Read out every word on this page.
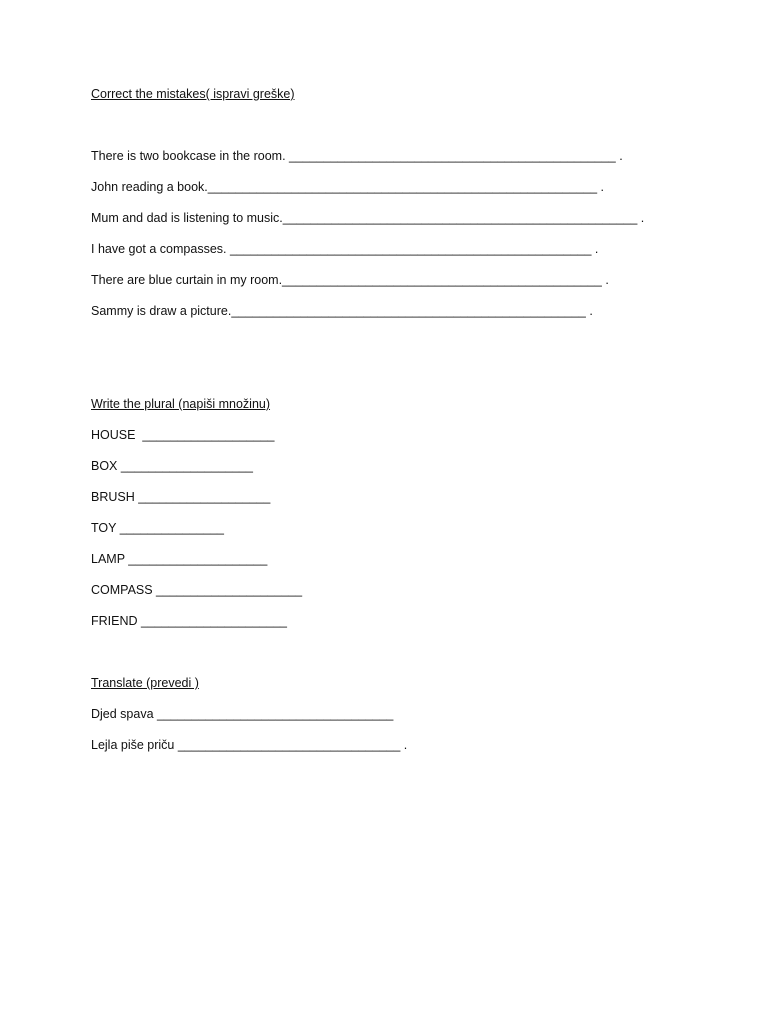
Correct the mistakes( ispravi greške)
There is two bookcase in the room. _______________________________________________ .
John reading a book.________________________________________________________ .
Mum and dad is listening to music.___________________________________________________ .
I have got a compasses. ____________________________________________________ .
There are blue curtain in my room.______________________________________________ .
Sammy is draw a picture.___________________________________________________ .
Write the plural (napiši množinu)
HOUSE  ___________________
BOX ___________________
BRUSH ___________________
TOY _______________
LAMP ____________________
COMPASS _____________________
FRIEND _____________________
Translate (prevedi )
Djed spava __________________________________
Lejla piše priču ________________________________ .
